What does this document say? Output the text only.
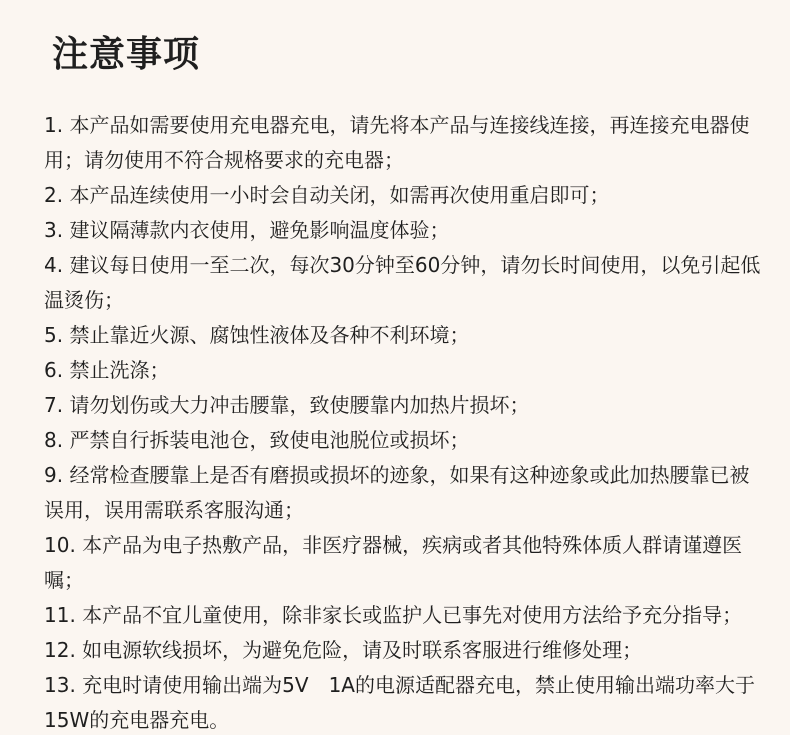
注意事项
1. 本产品如需要使用充电器充电，请先将本产品与连接线连接，再连接充电器使用；请勿使用不符合规格要求的充电器；
2. 本产品连续使用一小时会自动关闭，如需再次使用重启即可；
3. 建议隔薄款内衣使用，避免影响温度体验；
4. 建议每日使用一至二次，每次30分钟至60分钟，请勿长时间使用，以免引起低温烫伤；
5. 禁止靠近火源、腐蚀性液体及各种不利环境；
6. 禁止洗涤；
7. 请勿划伤或大力冲击腰靠，致使腰靠内加热片损坏；
8. 严禁自行拆装电池仓，致使电池脱位或损坏；
9. 经常检查腰靠上是否有磨损或损坏的迹象，如果有这种迹象或此加热腰靠已被误用，误用需联系客服沟通；
10. 本产品为电子热敷产品，非医疗器械，疾病或者其他特殊体质人群请谨遵医嘱；
11. 本产品不宜儿童使用，除非家长或监护人已事先对使用方法给予充分指导；
12. 如电源软线损坏，为避免危险，请及时联系客服进行维修处理；
13. 充电时请使用输出端为5V　1A的电源适配器充电，禁止使用输出端功率大于15W的充电器充电。
